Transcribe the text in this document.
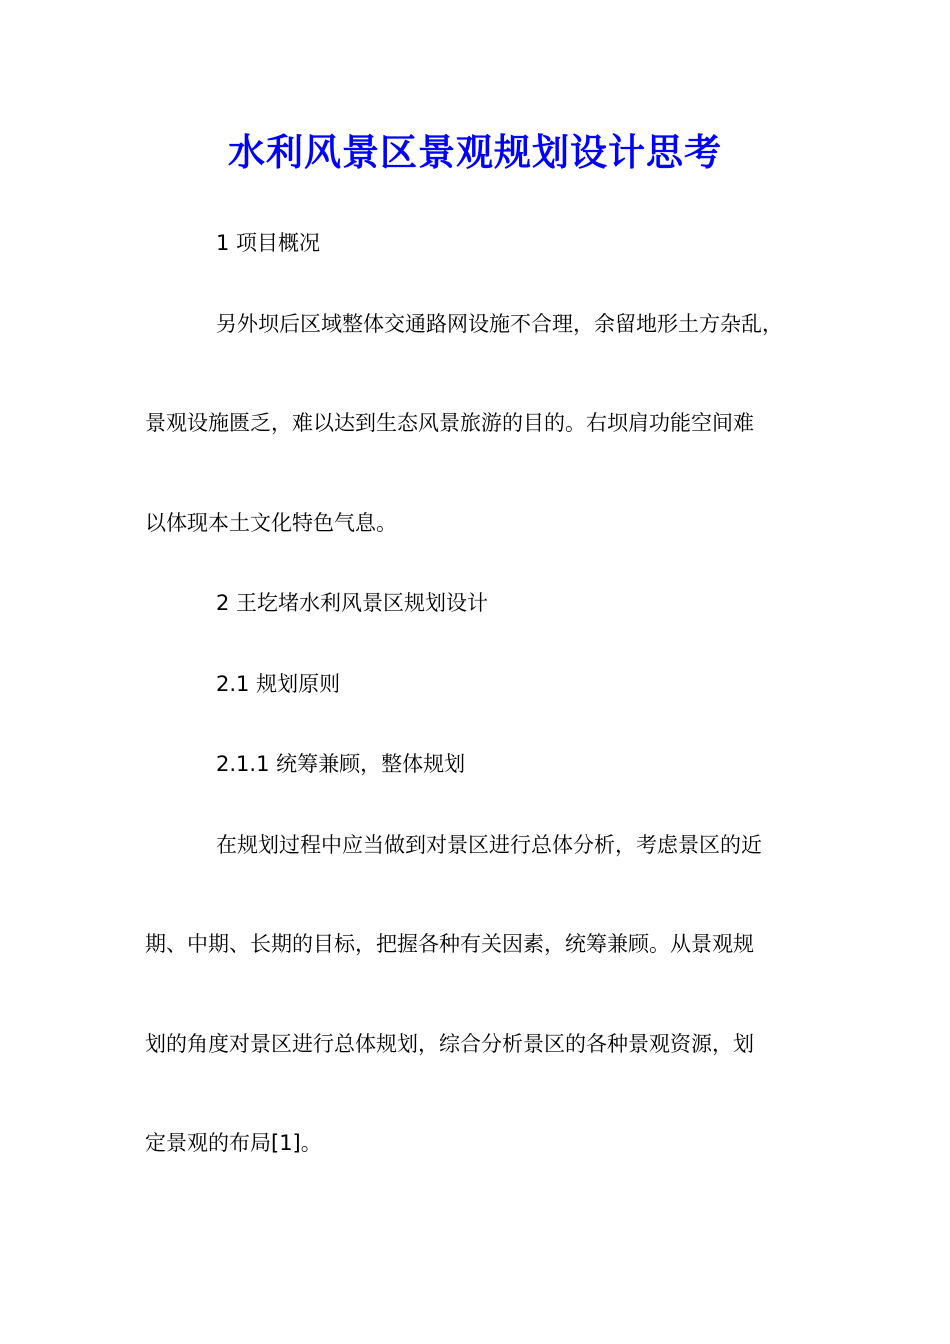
水利风景区景观规划设计思考

1 项目概况

另外坝后区域整体交通路网设施不合理，余留地形土方杂乱，

景观设施匮乏，难以达到生态风景旅游的目的。右坝肩功能空间难

以体现本土文化特色气息。

2 王圪堵水利风景区规划设计

2.1 规划原则

2.1.1 统筹兼顾，整体规划

在规划过程中应当做到对景区进行总体分析，考虑景区的近

期、中期、长期的目标，把握各种有关因素，统筹兼顾。从景观规

划的角度对景区进行总体规划，综合分析景区的各种景观资源，划

定景观的布局[1]。
